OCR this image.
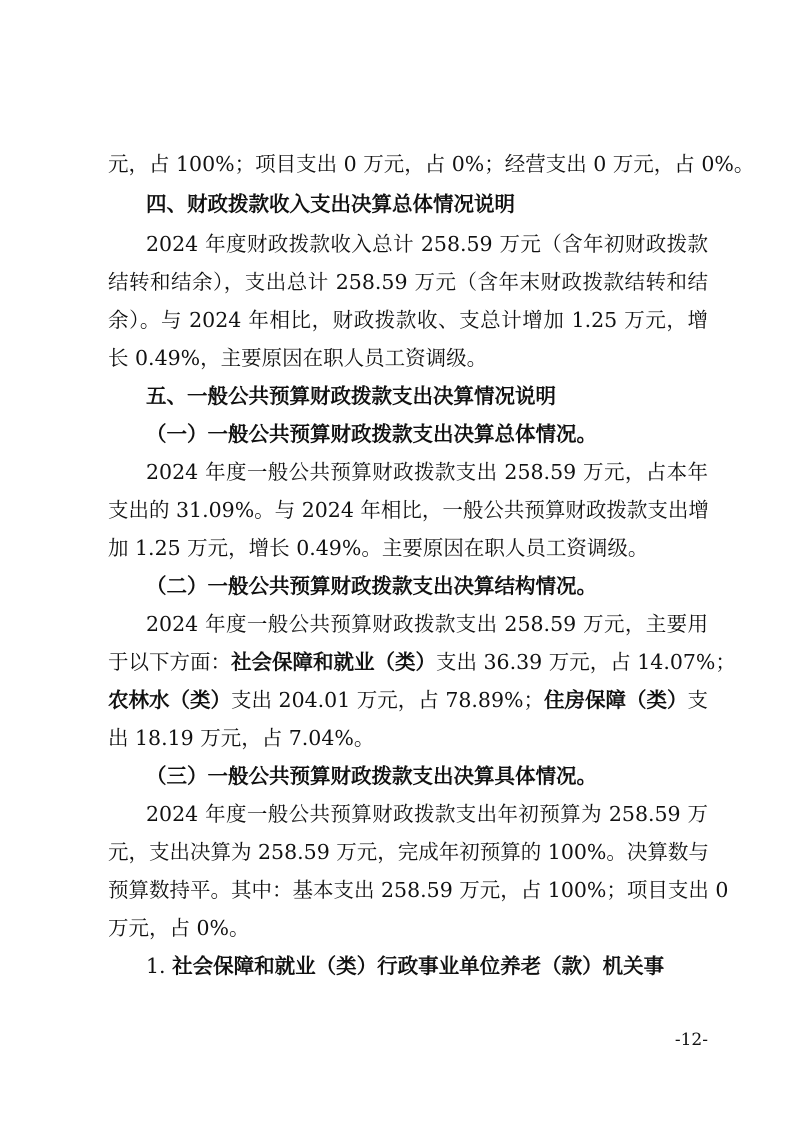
元，占 100%；项目支出 0 万元，占 0%；经营支出 0 万元，占 0%。
四、财政拨款收入支出决算总体情况说明
2024 年度财政拨款收入总计 258.59 万元（含年初财政拨款
结转和结余），支出总计 258.59 万元（含年末财政拨款结转和结
余）。与 2024 年相比，财政拨款收、支总计增加 1.25 万元，增
长 0.49%，主要原因在职人员工资调级。
五、一般公共预算财政拨款支出决算情况说明
（一）一般公共预算财政拨款支出决算总体情况。
2024 年度一般公共预算财政拨款支出 258.59 万元，占本年
支出的 31.09%。与 2024 年相比，一般公共预算财政拨款支出增
加 1.25 万元，增长 0.49%。主要原因在职人员工资调级。
（二）一般公共预算财政拨款支出决算结构情况。
2024 年度一般公共预算财政拨款支出 258.59 万元，主要用
于以下方面：社会保障和就业（类）支出 36.39 万元，占 14.07%；
农林水（类）支出 204.01 万元，占 78.89%；住房保障（类）支
出 18.19 万元，占 7.04%。
（三）一般公共预算财政拨款支出决算具体情况。
2024 年度一般公共预算财政拨款支出年初预算为 258.59 万
元，支出决算为 258.59 万元，完成年初预算的 100%。决算数与
预算数持平。其中：基本支出 258.59 万元，占 100%；项目支出 0
万元，占 0%。
1. 社会保障和就业（类）行政事业单位养老（款）机关事
-12-
